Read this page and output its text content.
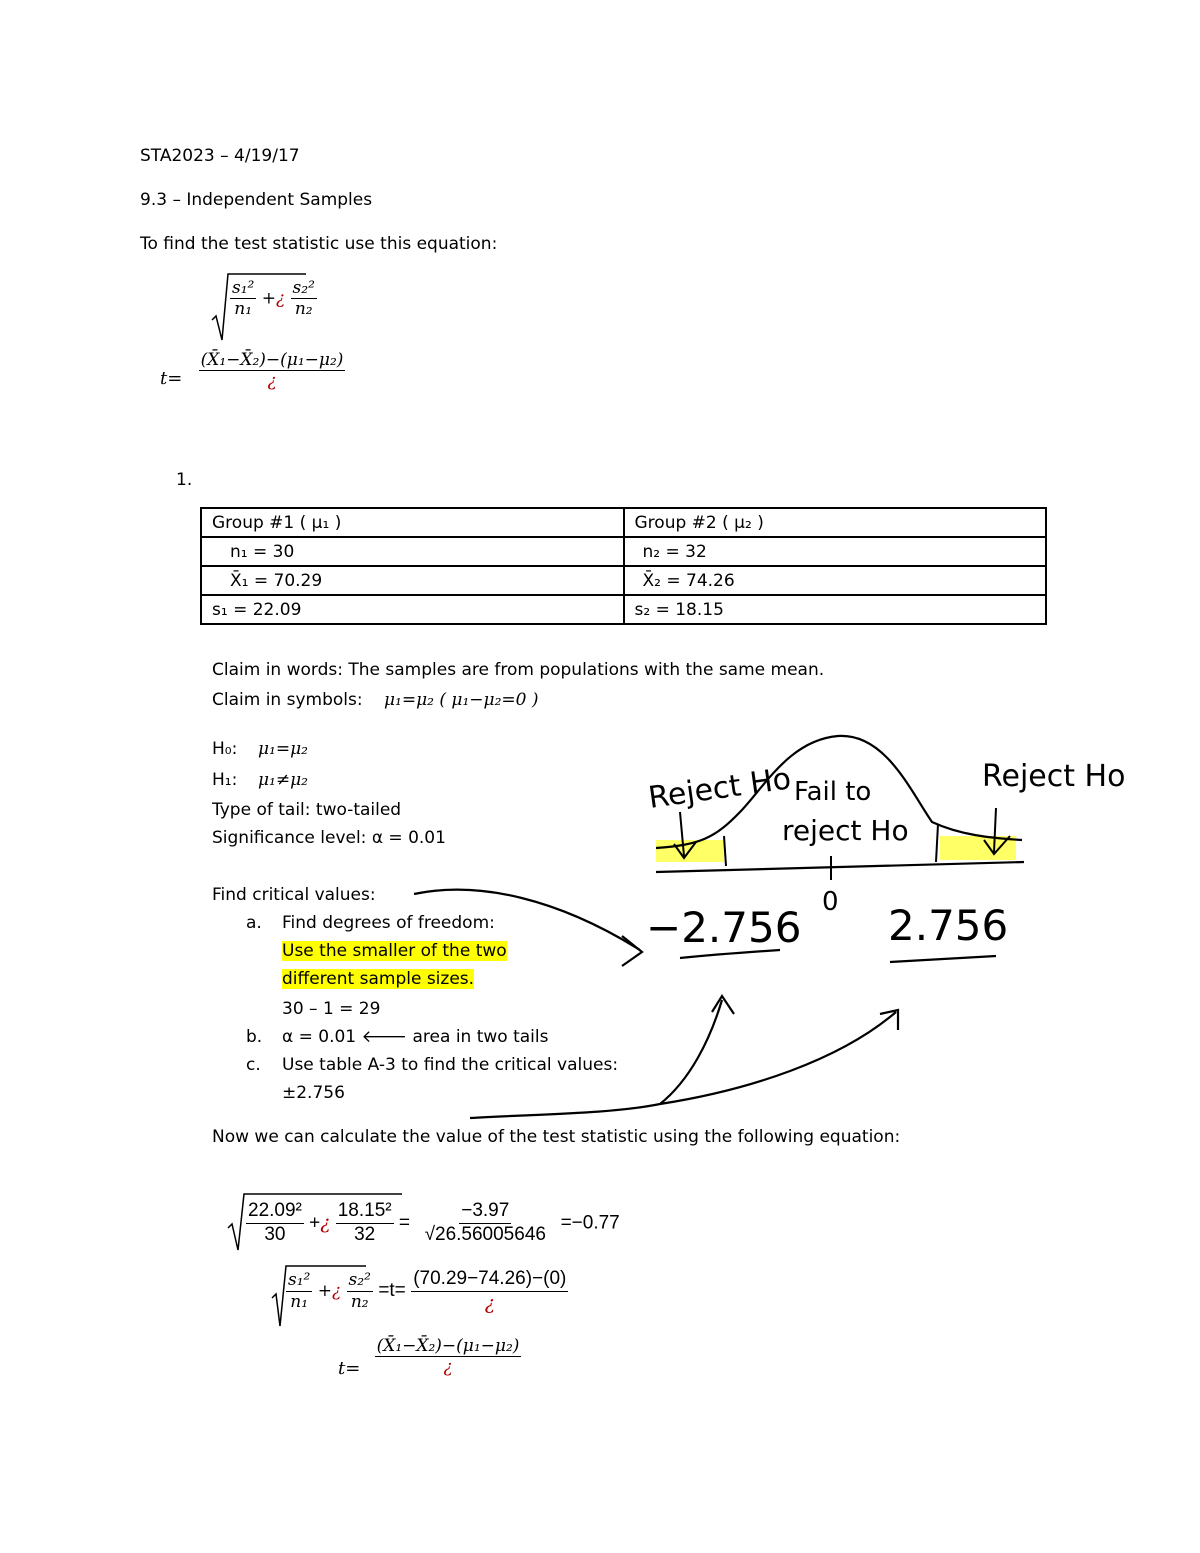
STA2023 – 4/19/17
9.3 – Independent Samples
To find the test statistic use this equation:
$\frac{\text{s₁²}}{\text{n₁}}$ +¿ $\frac{\text{s₂²}}{\text{n₂}}$
$t= \frac{\text{(X̄₁−X̄₂)−(μ₁−μ₂)}}{¿}$
1.
Group #1 ( μ₁ )	Group #2 ( μ₂ )
n₁ = 30	n₂ = 32
X̄₁ = 70.29	X̄₂ = 74.26
s₁ = 22.09	s₂ = 18.15
Claim in words: The samples are from populations with the same mean.
Claim in symbols: μ₁=μ₂ ( μ₁−μ₂=0 )
H₀: μ₁=μ₂
H₁: μ₁≠μ₂
Type of tail: two-tailed
Significance level: α = 0.01
Find critical values:
a. Find degrees of freedom:
Use the smaller of the two
different sample sizes.
30 – 1 = 29
b. α = 0.01 🡐 area in two tails
c. Use table A-3 to find the critical values:
±2.756
Now we can calculate the value of the test statistic using the following equation:
$\frac{\text{22.09²}}{30}$ +¿ $\frac{\text{18.15²}}{32} = \frac{-3.97}{√26.56005646} =-0.77$
$\frac{\text{s₁²}}{\text{n₁}}$ +¿ $\frac{\text{s₂²}}{\text{n₂}} =t= \frac{(70.29-74.26)-(0)}{¿}$
$t= \frac{\text{(X̄₁−X̄₂)−(μ₁−μ₂)}}{¿}$
Reject Ho Fail to
reject Ho
Reject Ho
0
−2.756 2.756
